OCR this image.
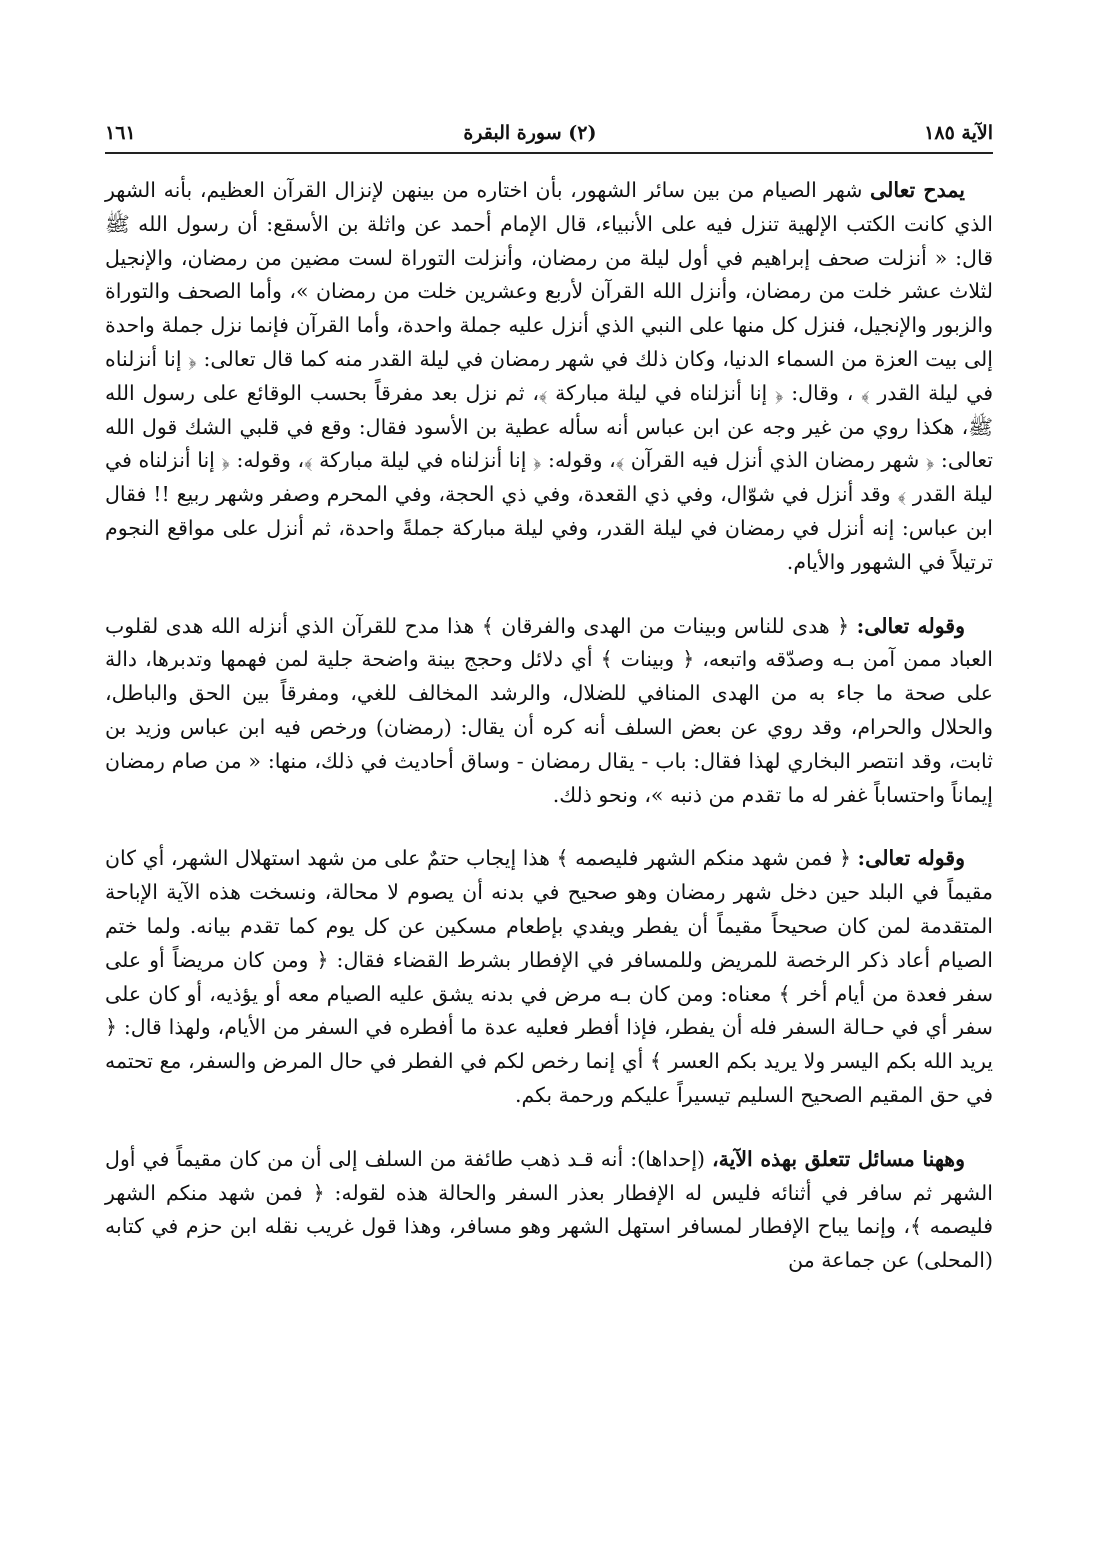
الآية ١٨٥
(٢) سورة البقرة
١٦١

يمدح تعالى شهر الصيام من بين سائر الشهور، بأن اختاره من بينهن لإنزال القرآن العظيم، بأنه الشهر الذي كانت الكتب الإلهية تنزل فيه على الأنبياء، قال الإمام أحمد عن واثلة بن الأسقع: أن رسول الله ﷺ قال: « أنزلت صحف إبراهيم في أول ليلة من رمضان، وأنزلت التوراة لست مضين من رمضان، والإنجيل لثلاث عشر خلت من رمضان، وأنزل الله القرآن لأربع وعشرين خلت من رمضان »، وأما الصحف والتوراة والزبور والإنجيل، فنزل كل منها على النبي الذي أنزل عليه جملة واحدة، وأما القرآن فإنما نزل جملة واحدة إلى بيت العزة من السماء الدنيا، وكان ذلك في شهر رمضان في ليلة القدر منه كما قال تعالى: ﴿ إنا أنزلناه في ليلة القدر ﴾ ، وقال: ﴿ إنا أنزلناه في ليلة مباركة ﴾، ثم نزل بعد مفرقاً بحسب الوقائع على رسول الله ﷺ، هكذا روي من غير وجه عن ابن عباس أنه سأله عطية بن الأسود فقال: وقع في قلبي الشك قول الله تعالى: ﴿ شهر رمضان الذي أنزل فيه القرآن ﴾، وقوله: ﴿ إنا أنزلناه في ليلة مباركة ﴾، وقوله: ﴿ إنا أنزلناه في ليلة القدر ﴾ وقد أنزل في شوّال، وفي ذي القعدة، وفي ذي الحجة، وفي المحرم وصفر وشهر ربيع !! فقال ابن عباس: إنه أنزل في رمضان في ليلة القدر، وفي ليلة مباركة جملةً واحدة، ثم أنزل على مواقع النجوم ترتيلاً في الشهور والأيام.

وقوله تعالى: ﴿ هدى للناس وبينات من الهدى والفرقان ﴾ هذا مدح للقرآن الذي أنزله الله هدى لقلوب العباد ممن آمن بـه وصدّقه واتبعه، ﴿ وبينات ﴾ أي دلائل وحجج بينة واضحة جلية لمن فهمها وتدبرها، دالة على صحة ما جاء به من الهدى المنافي للضلال، والرشد المخالف للغي، ومفرقاً بين الحق والباطل، والحلال والحرام، وقد روي عن بعض السلف أنه كره أن يقال: (رمضان) ورخص فيه ابن عباس وزيد بن ثابت، وقد انتصر البخاري لهذا فقال: باب - يقال رمضان - وساق أحاديث في ذلك، منها: « من صام رمضان إيماناً واحتساباً غفر له ما تقدم من ذنبه »، ونحو ذلك.

وقوله تعالى: ﴿ فمن شهد منكم الشهر فليصمه ﴾ هذا إيجاب حتمٌ على من شهد استهلال الشهر، أي كان مقيماً في البلد حين دخل شهر رمضان وهو صحيح في بدنه أن يصوم لا محالة، ونسخت هذه الآية الإباحة المتقدمة لمن كان صحيحاً مقيماً أن يفطر ويفدي بإطعام مسكين عن كل يوم كما تقدم بيانه. ولما ختم الصيام أعاد ذكر الرخصة للمريض وللمسافر في الإفطار بشرط القضاء فقال: ﴿ ومن كان مريضاً أو على سفر فعدة من أيام أخر ﴾ معناه: ومن كان بـه مرض في بدنه يشق عليه الصيام معه أو يؤذيه، أو كان على سفر أي في حـالة السفر فله أن يفطر، فإذا أفطر فعليه عدة ما أفطره في السفر من الأيام، ولهذا قال: ﴿ يريد الله بكم اليسر ولا يريد بكم العسر ﴾ أي إنما رخص لكم في الفطر في حال المرض والسفر، مع تحتمه في حق المقيم الصحيح السليم تيسيراً عليكم ورحمة بكم.

وههنا مسائل تتعلق بهذه الآية، (إحداها): أنه قـد ذهب طائفة من السلف إلى أن من كان مقيماً في أول الشهر ثم سافر في أثنائه فليس له الإفطار بعذر السفر والحالة هذه لقوله: ﴿ فمن شهد منكم الشهر فليصمه ﴾، وإنما يباح الإفطار لمسافر استهل الشهر وهو مسافر، وهذا قول غريب نقله ابن حزم في كتابه (المحلى) عن جماعة من
